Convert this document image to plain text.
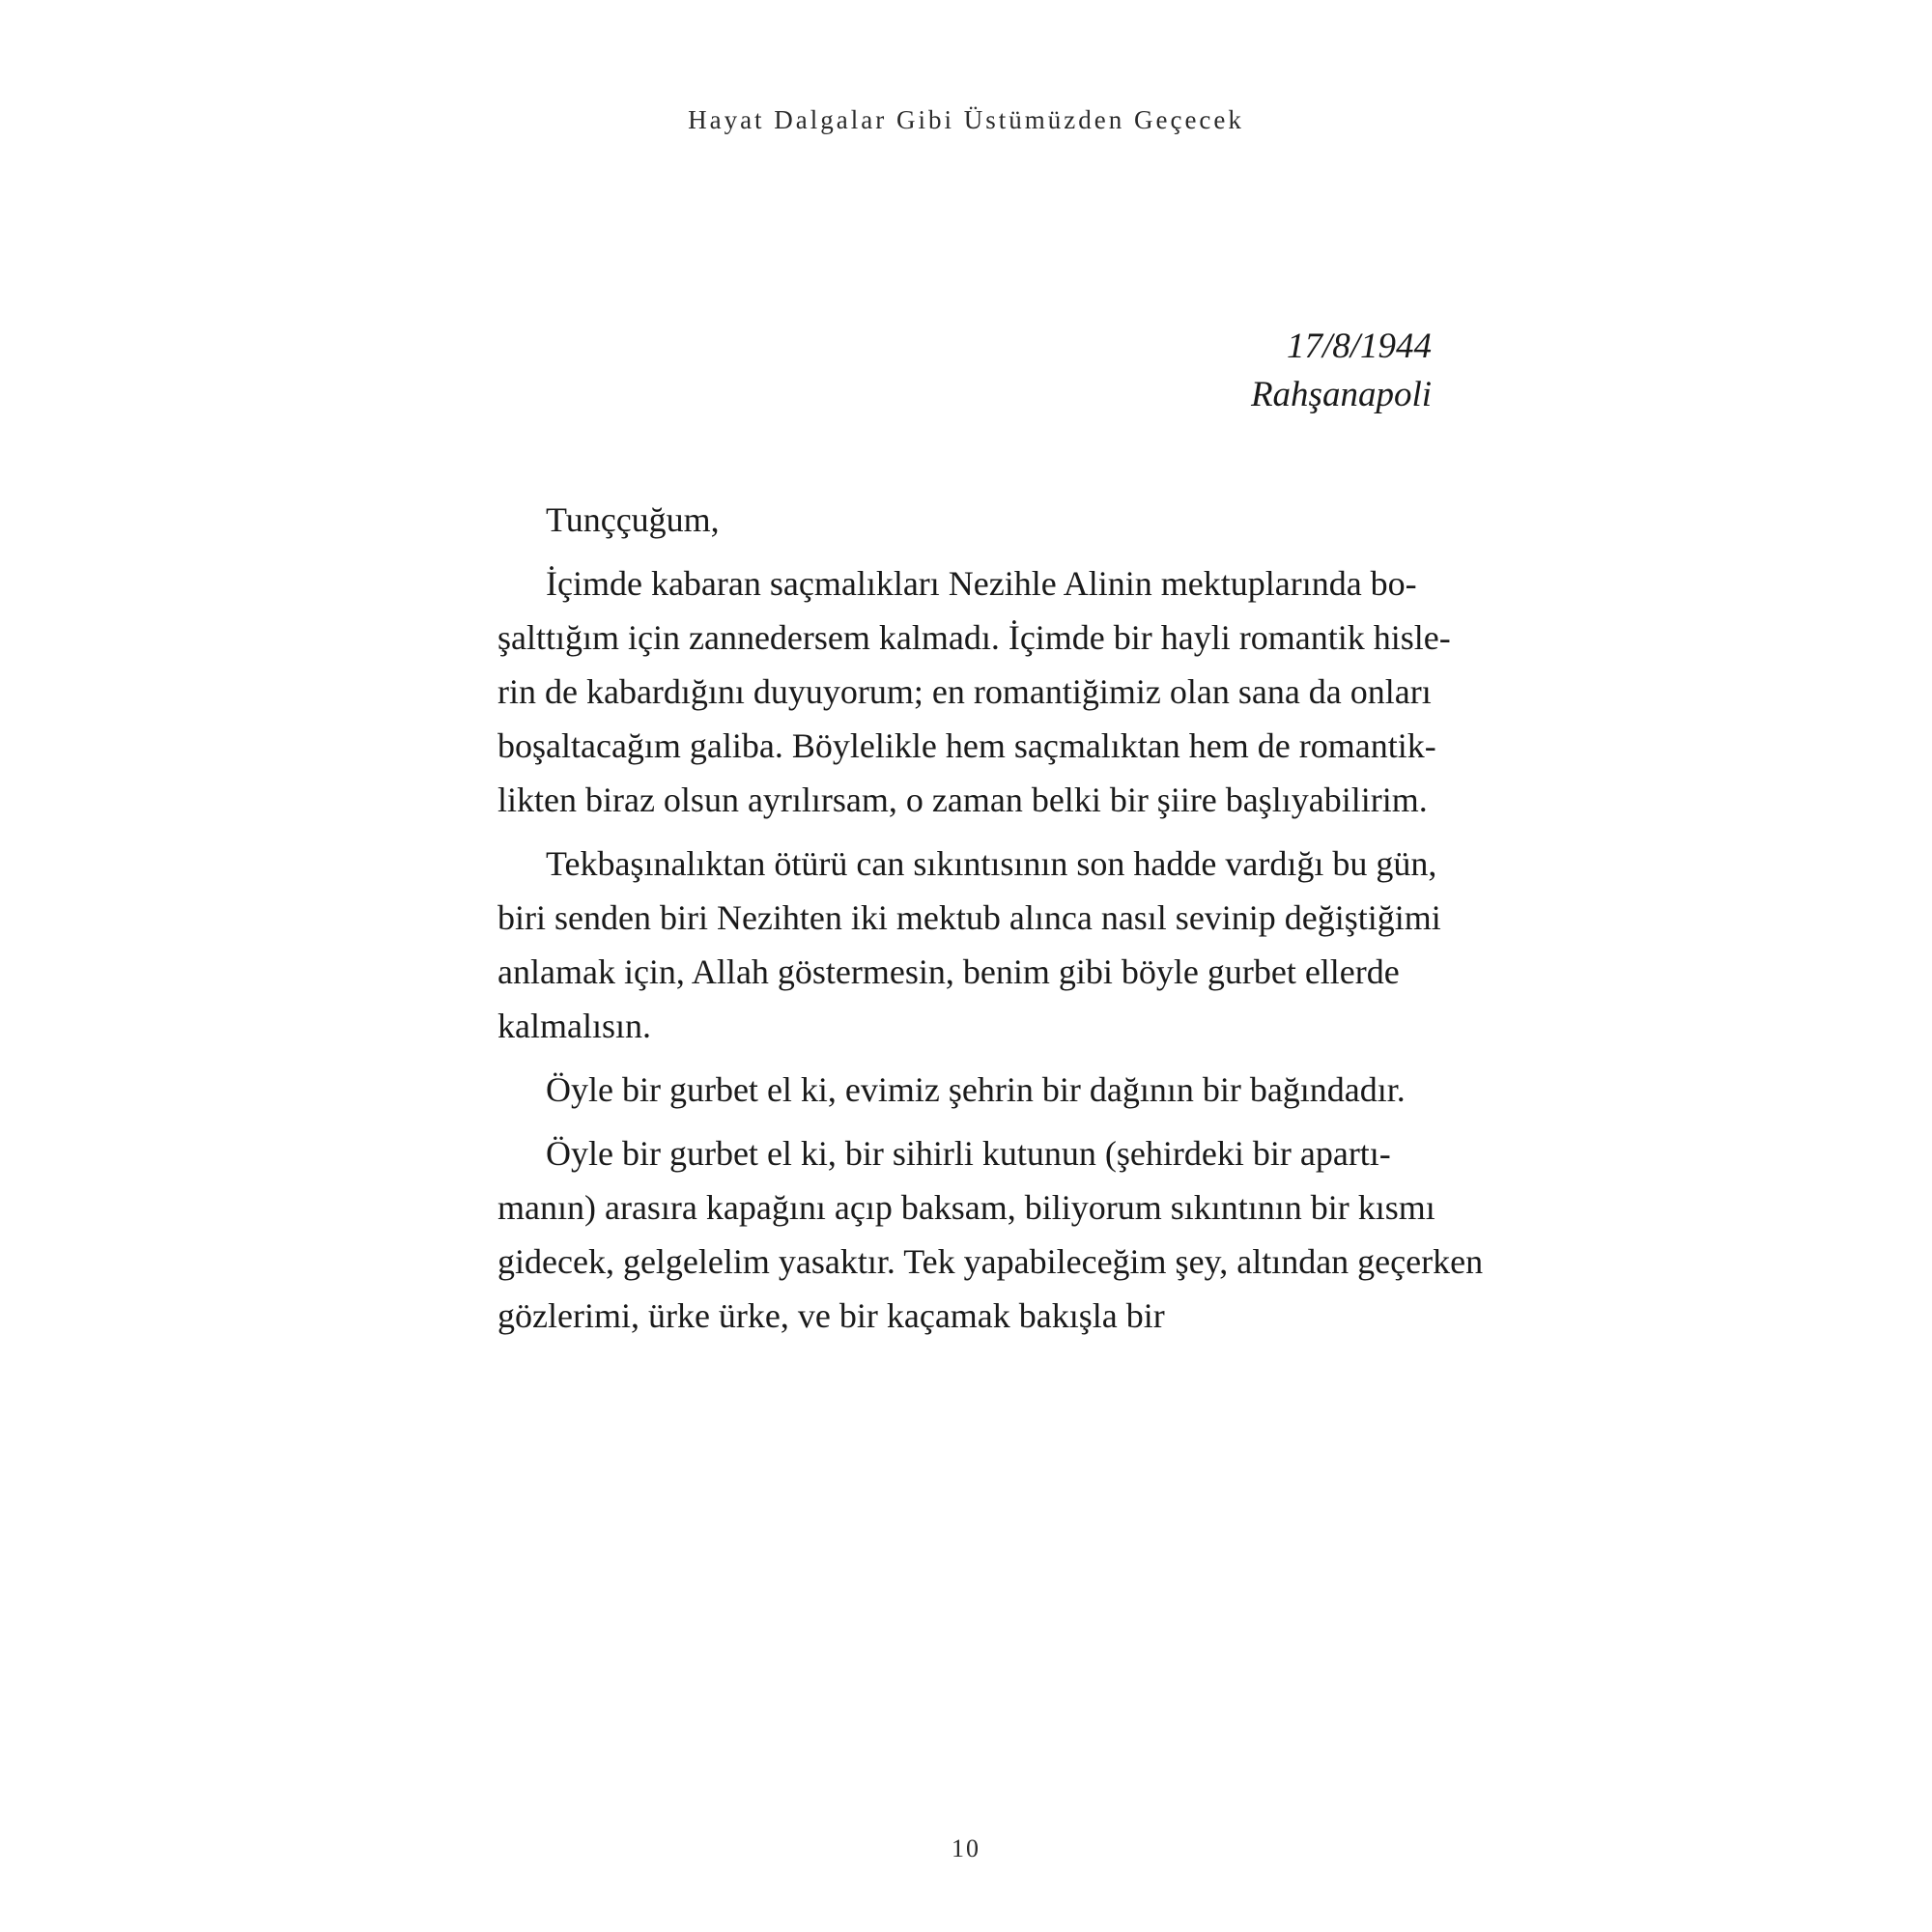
Hayat Dalgalar Gibi Üstümüzden Geçecek
17/8/1944
Rahşanapoli

Tunççuğum,

İçimde kabaran saçmalıkları Nezihle Alinin mektuplarında bo-
şalttığım için zannedersem kalmadı. İçimde bir hayli romantik hisle-
rin de kabardığını duyuyorum; en romantiğimiz olan sana da onları
boşaltacağım galiba. Böylelikle hem saçmalıktan hem de romantik-
likten biraz olsun ayrılırsam, o zaman belki bir şiire başlıyabilirim.

Tekbaşınalıktan ötürü can sıkıntısının son hadde vardığı bu gün,
biri senden biri Nezihten iki mektub alınca nasıl sevinip değiştiğimi
anlamak için, Allah göstermesin, benim gibi böyle gurbet ellerde
kalmalısın.

Öyle bir gurbet el ki, evimiz şehrin bir dağının bir bağındadır.

Öyle bir gurbet el ki, bir sihirli kutunun (şehirdeki bir apartı-
manın) arasıra kapağını açıp baksam, biliyorum sıkıntının bir kısmı
gidecek, gelgelelim yasaktır. Tek yapabileceğim şey, altından geçerken
gözlerimi, ürke ürke, ve bir kaçamak bakışla bir

10
